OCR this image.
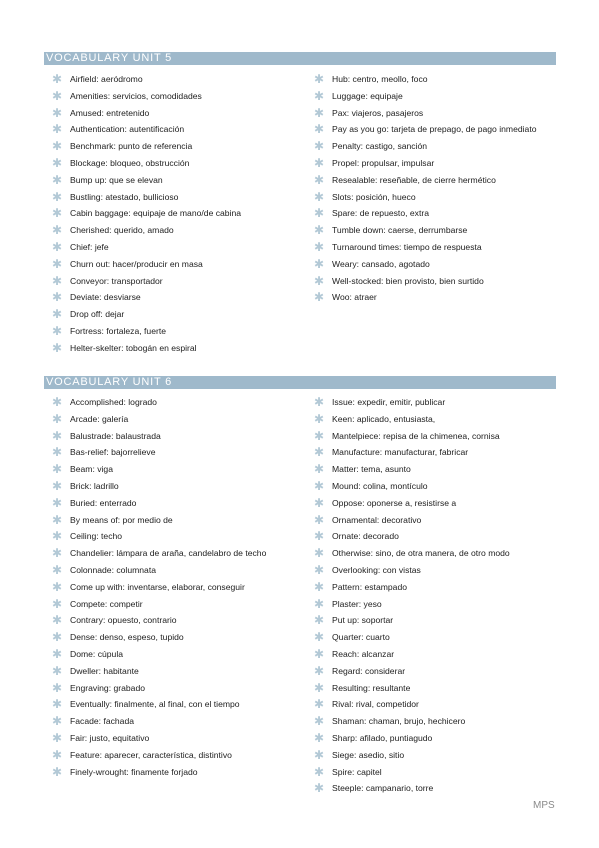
VOCABULARY UNIT 5
✱ Airfield: aeródromo
✱ Amenities: servicios, comodidades
✱ Amused: entretenido
✱ Authentication: autentificación
✱ Benchmark: punto de referencia
✱ Blockage: bloqueo, obstrucción
✱ Bump up: que se elevan
✱ Bustling: atestado, bullicioso
✱ Cabin baggage: equipaje de mano/de cabina
✱ Cherished: querido, amado
✱ Chief: jefe
✱ Churn out: hacer/producir en masa
✱ Conveyor: transportador
✱ Deviate: desviarse
✱ Drop off: dejar
✱ Fortress: fortaleza, fuerte
✱ Helter-skelter: tobogán en espiral
✱ Hub: centro, meollo, foco
✱ Luggage: equipaje
✱ Pax: viajeros, pasajeros
✱ Pay as you go: tarjeta de prepago, de pago inmediato
✱ Penalty: castigo, sanción
✱ Propel: propulsar, impulsar
✱ Resealable: reseñable, de cierre hermético
✱ Slots: posición, hueco
✱ Spare: de repuesto, extra
✱ Tumble down: caerse, derrumbarse
✱ Turnaround times: tiempo de respuesta
✱ Weary: cansado, agotado
✱ Well-stocked: bien provisto, bien surtido
✱ Woo: atraer
VOCABULARY UNIT 6
✱ Accomplished: logrado
✱ Arcade: galería
✱ Balustrade: balaustrada
✱ Bas-relief: bajorrelieve
✱ Beam: viga
✱ Brick: ladrillo
✱ Buried: enterrado
✱ By means of: por medio de
✱ Ceiling: techo
✱ Chandelier: lámpara de araña, candelabro de techo
✱ Colonnade: columnata
✱ Come up with: inventarse, elaborar, conseguir
✱ Compete: competir
✱ Contrary: opuesto, contrario
✱ Dense: denso, espeso, tupido
✱ Dome: cúpula
✱ Dweller: habitante
✱ Engraving: grabado
✱ Eventually: finalmente, al final, con el tiempo
✱ Facade: fachada
✱ Fair: justo, equitativo
✱ Feature: aparecer, característica, distintivo
✱ Finely-wrought: finamente forjado
✱ Issue: expedir, emitir, publicar
✱ Keen: aplicado, entusiasta,
✱ Mantelpiece: repisa de la chimenea, cornisa
✱ Manufacture: manufacturar, fabricar
✱ Matter: tema, asunto
✱ Mound: colina, montículo
✱ Oppose: oponerse a, resistirse a
✱ Ornamental: decorativo
✱ Ornate: decorado
✱ Otherwise: sino, de otra manera, de otro modo
✱ Overlooking: con vistas
✱ Pattern: estampado
✱ Plaster: yeso
✱ Put up: soportar
✱ Quarter: cuarto
✱ Reach: alcanzar
✱ Regard: considerar
✱ Resulting: resultante
✱ Rival: rival, competidor
✱ Shaman: chaman, brujo, hechicero
✱ Sharp: afilado, puntiagudo
✱ Siege: asedio, sitio
✱ Spire: capitel
✱ Steeple: campanario, torre
MPS
